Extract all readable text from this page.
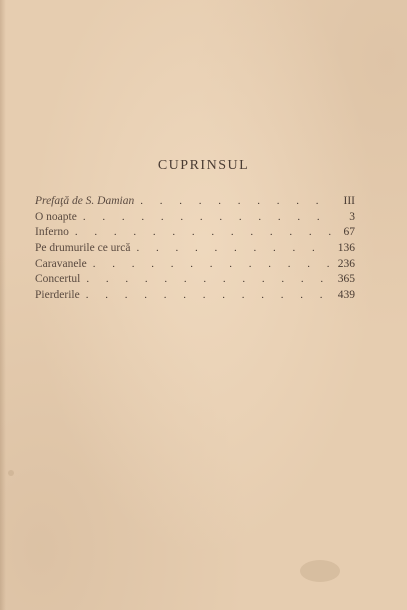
CUPRINSUL
Prefaţă de S. Damian . . .	III
O noapte . . .	3
Inferno . . .	67
Pe drumurile ce urcă . . .	136
Caravanele . . .	236
Concertul . . .	365
Pierderile . . .	439
